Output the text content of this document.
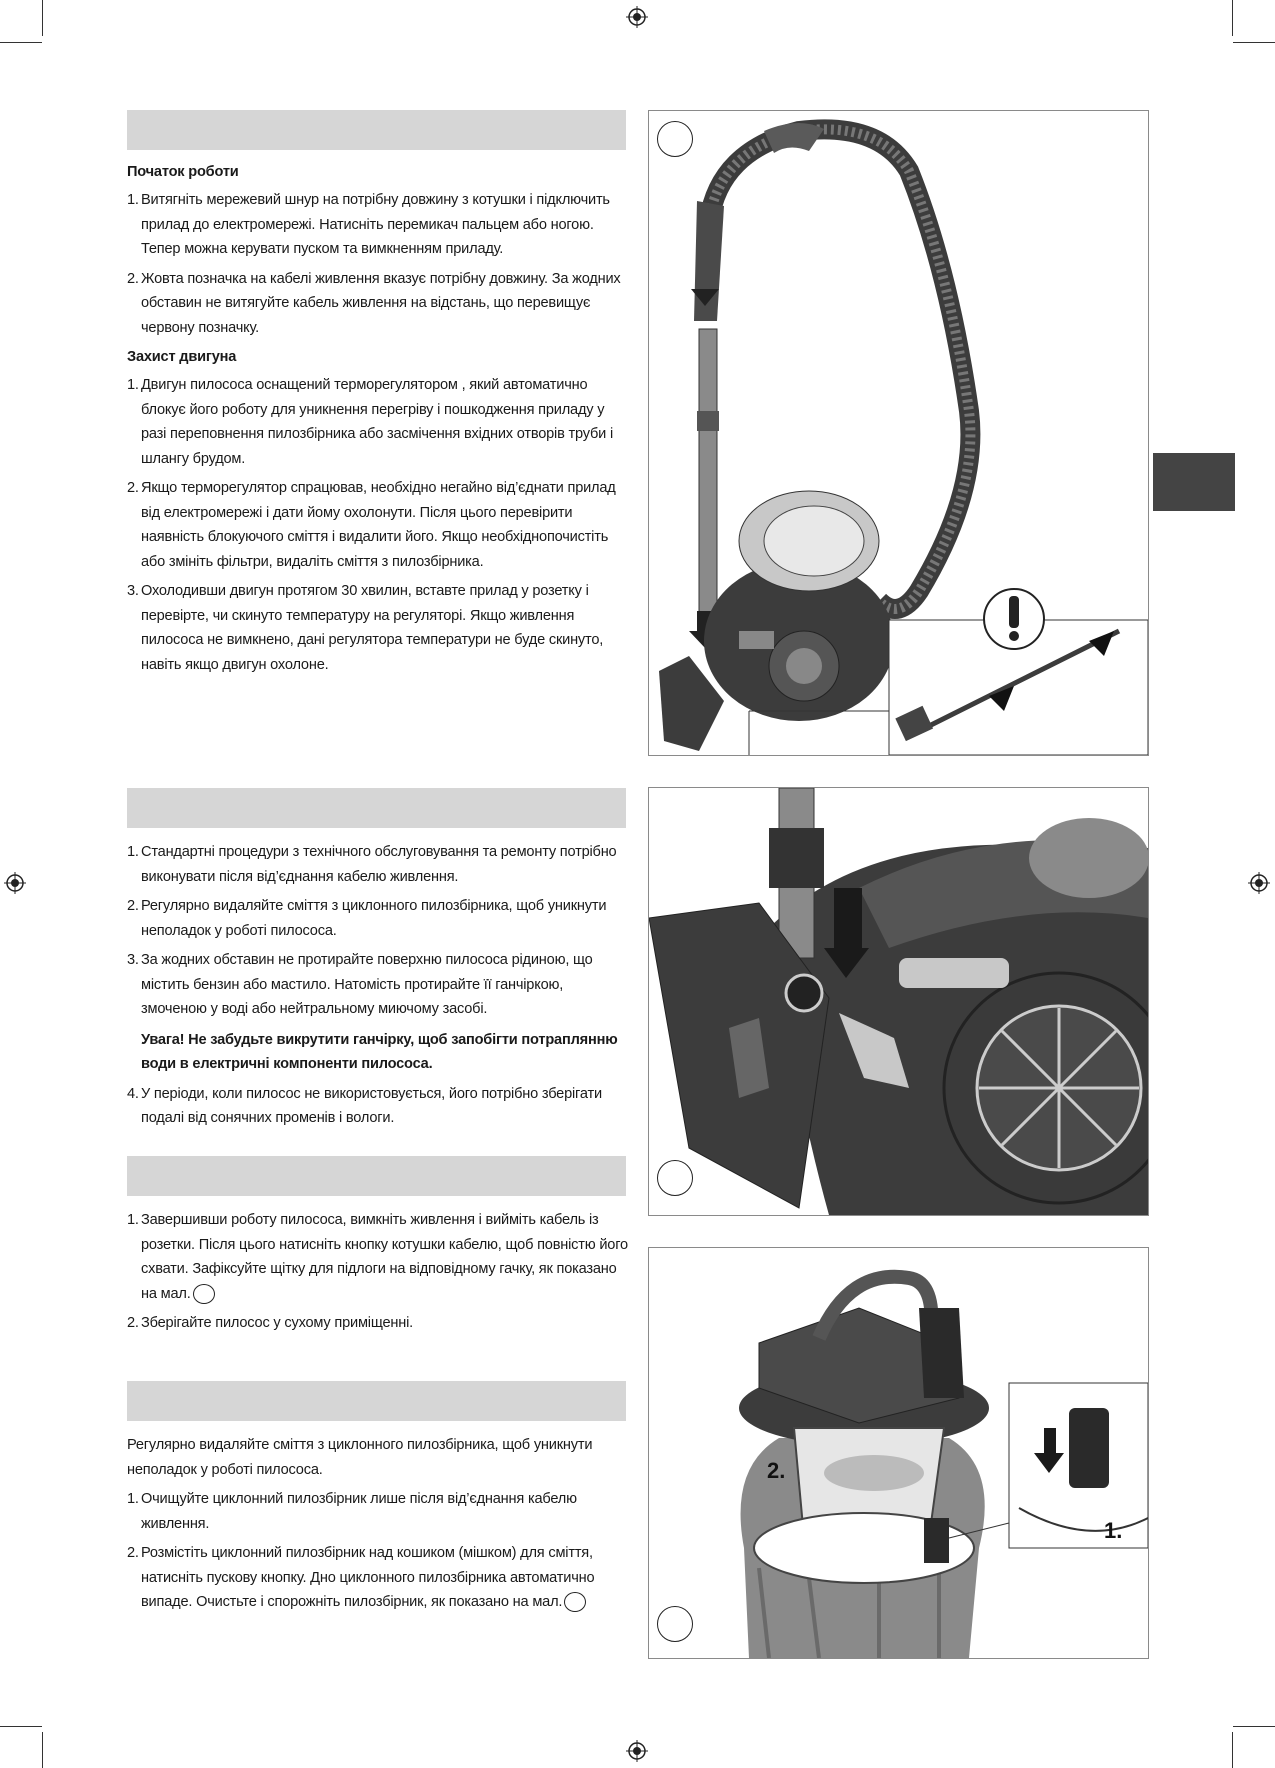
Початок роботи
1. Витягніть мережевий шнур на потрібну довжину з котушки і підключить прилад до електромережі. Натисніть перемикач пальцем або ногою. Тепер можна керувати пуском та вимкненням приладу.
2. Жовта позначка на кабелі живлення вказує потрібну довжину. За жодних обставин не витягуйте кабель живлення на відстань, що перевищує червону позначку.
Захист двигуна
1. Двигун пилососа оснащений терморегулятором , який автоматично блокує його роботу для уникнення перегріву і пошкодження приладу у разі переповнення пилозбірника або засмічення вхідних отворів труби і шлангу брудом.
2. Якщо терморегулятор спрацював, необхідно негайно від’єднати прилад від електромережі і дати йому охолонути. Після цього перевірити наявність блокуючого сміття і видалити його. Якщо необхіднопочистіть або змініть фільтри, видаліть сміття з пилозбірника.
3. Охолодивши двигун протягом 30 хвилин, вставте прилад у розетку і перевірте, чи скинуто температуру на регуляторі. Якщо живлення пилососа не вимкнено, дані регулятора температури не буде скинуто, навіть якщо двигун охолоне.
1. Стандартні процедури з технічного обслуговування та ремонту потрібно виконувати після від’єднання кабелю живлення.
2. Регулярно видаляйте сміття з циклонного пилозбірника, щоб уникнути неполадок у роботі пилососа.
3. За жодних обставин не протирайте поверхню пилососа рідиною, що містить бензин або мастило. Натомість протирайте її ганчіркою, змоченою у воді або нейтральному миючому засобі.

Увага! Не забудьте викрутити ганчірку, щоб запобігти потраплянню води в електричні компоненти пилососа.

4. У періоди, коли пилосос не використовується, його потрібно зберігати подалі від сонячних променів і вологи.
1. Завершивши роботу пилососа, вимкніть живлення і вийміть кабель із розетки. Після цього натисніть кнопку котушки кабелю, щоб повністю його схвати. Зафіксуйте щітку для підлоги на відповідному гачку, як показано на мал.
2. Зберігайте пилосос у сухому приміщенні.

Регулярно видаляйте сміття з циклонного пилозбірника, щоб уникнути неполадок у роботі пилососа.

1. Очищуйте циклонний пилозбірник лише після від’єднання кабелю живлення.
2. Розмістіть циклонний пилозбірник над кошиком (мішком) для сміття, натисніть пускову кнопку. Дно циклонного пилозбірника автоматично випаде. Очистьте і спорожніть пилозбірник, як показано на мал.
2.
1.
